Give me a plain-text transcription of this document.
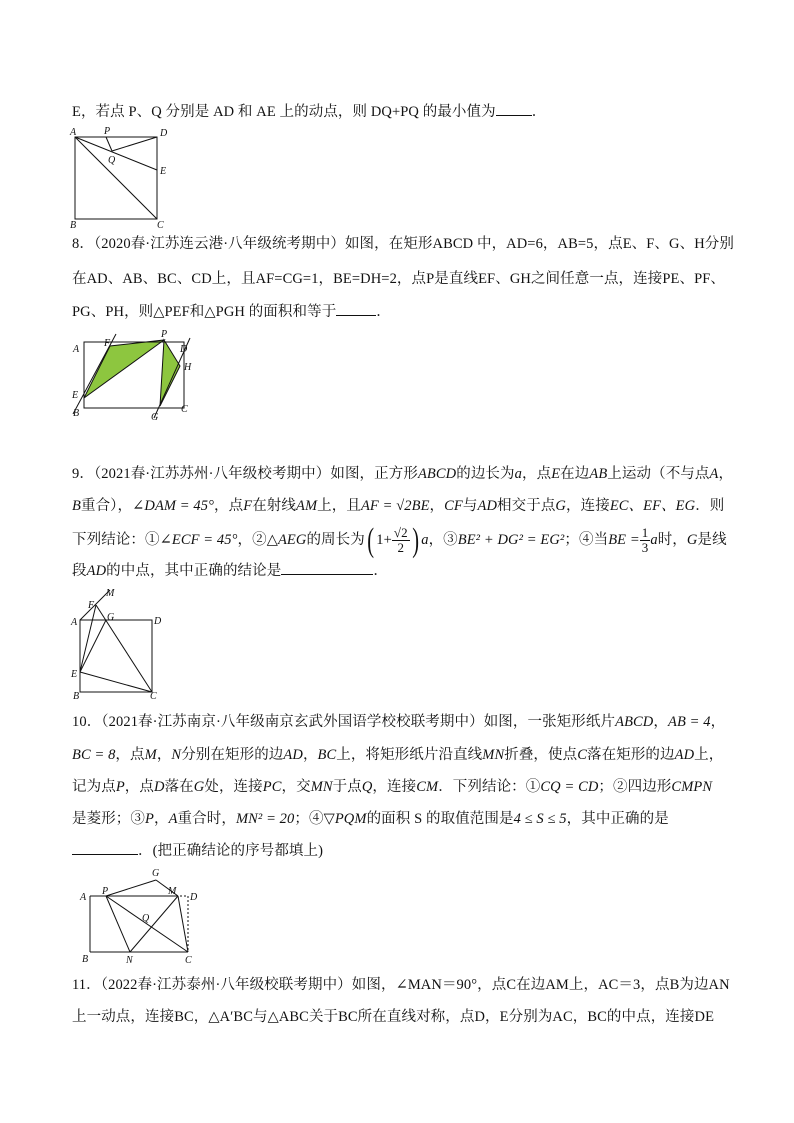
E，若点 P、Q 分别是 AD 和 AE 上的动点，则 DQ+PQ 的最小值为 ．
A	P	D
Q
E
B	C
8．（2020春·江苏连云港·八年级统考期中）如图，在矩形ABCD 中，AD=6，AB=5，点E、F、G、H分别
在AD、AB、BC、CD上，且AF=CG=1，BE=DH=2，点P是直线EF、GH之间任意一点，连接PE、PF、
PG、PH，则△PEF和△PGH 的面积和等于	．
A
F
P
D
H
E
B	G
C
9．（2021春·江苏苏州·八年级校考期中）如图，正方形ABCD的边长为a，点E在边AB上运动（不与点A，
B重合），∠DAM = 45°，点F在射线AM上，且AF = √2BE，CF与AD相交于点G，连接EC、EF、EG．则
下列结论：①∠ECF = 45°，②△AEG的周长为( $1+ \frac{√2}{2}$ ) a，③BE² + DG² = EG²；④当BE = $\frac{1}{3}$ a时，G是线
段AD的中点，其中正确的结论是	．
M
F
G
A	D
E
B	C
10．（2021春·江苏南京·八年级南京玄武外国语学校校联考期中）如图，一张矩形纸片ABCD，AB = 4，
BC = 8，点M，N分别在矩形的边AD，BC上，将矩形纸片沿直线MN折叠，使点C落在矩形的边AD上，
记为点P，点D落在G处，连接PC，交MN于点Q，连接CM．下列结论：①CQ = CD；②四边形CMPN
是菱形；③P，A重合时，MN² = 20；④▽PQM的面积 S 的取值范围是4 ≤ S ≤ 5，其中正确的是
．(把正确结论的序号都填上)
G
A
P	M
D
Q
B	N	C
11．（2022春·江苏泰州·八年级校联考期中）如图，∠MAN＝90°，点C在边AM上，AC＝3，点B为边AN
上一动点，连接BC，△A′BC与△ABC关于BC所在直线对称，点D，E分别为AC，BC的中点，连接DE
